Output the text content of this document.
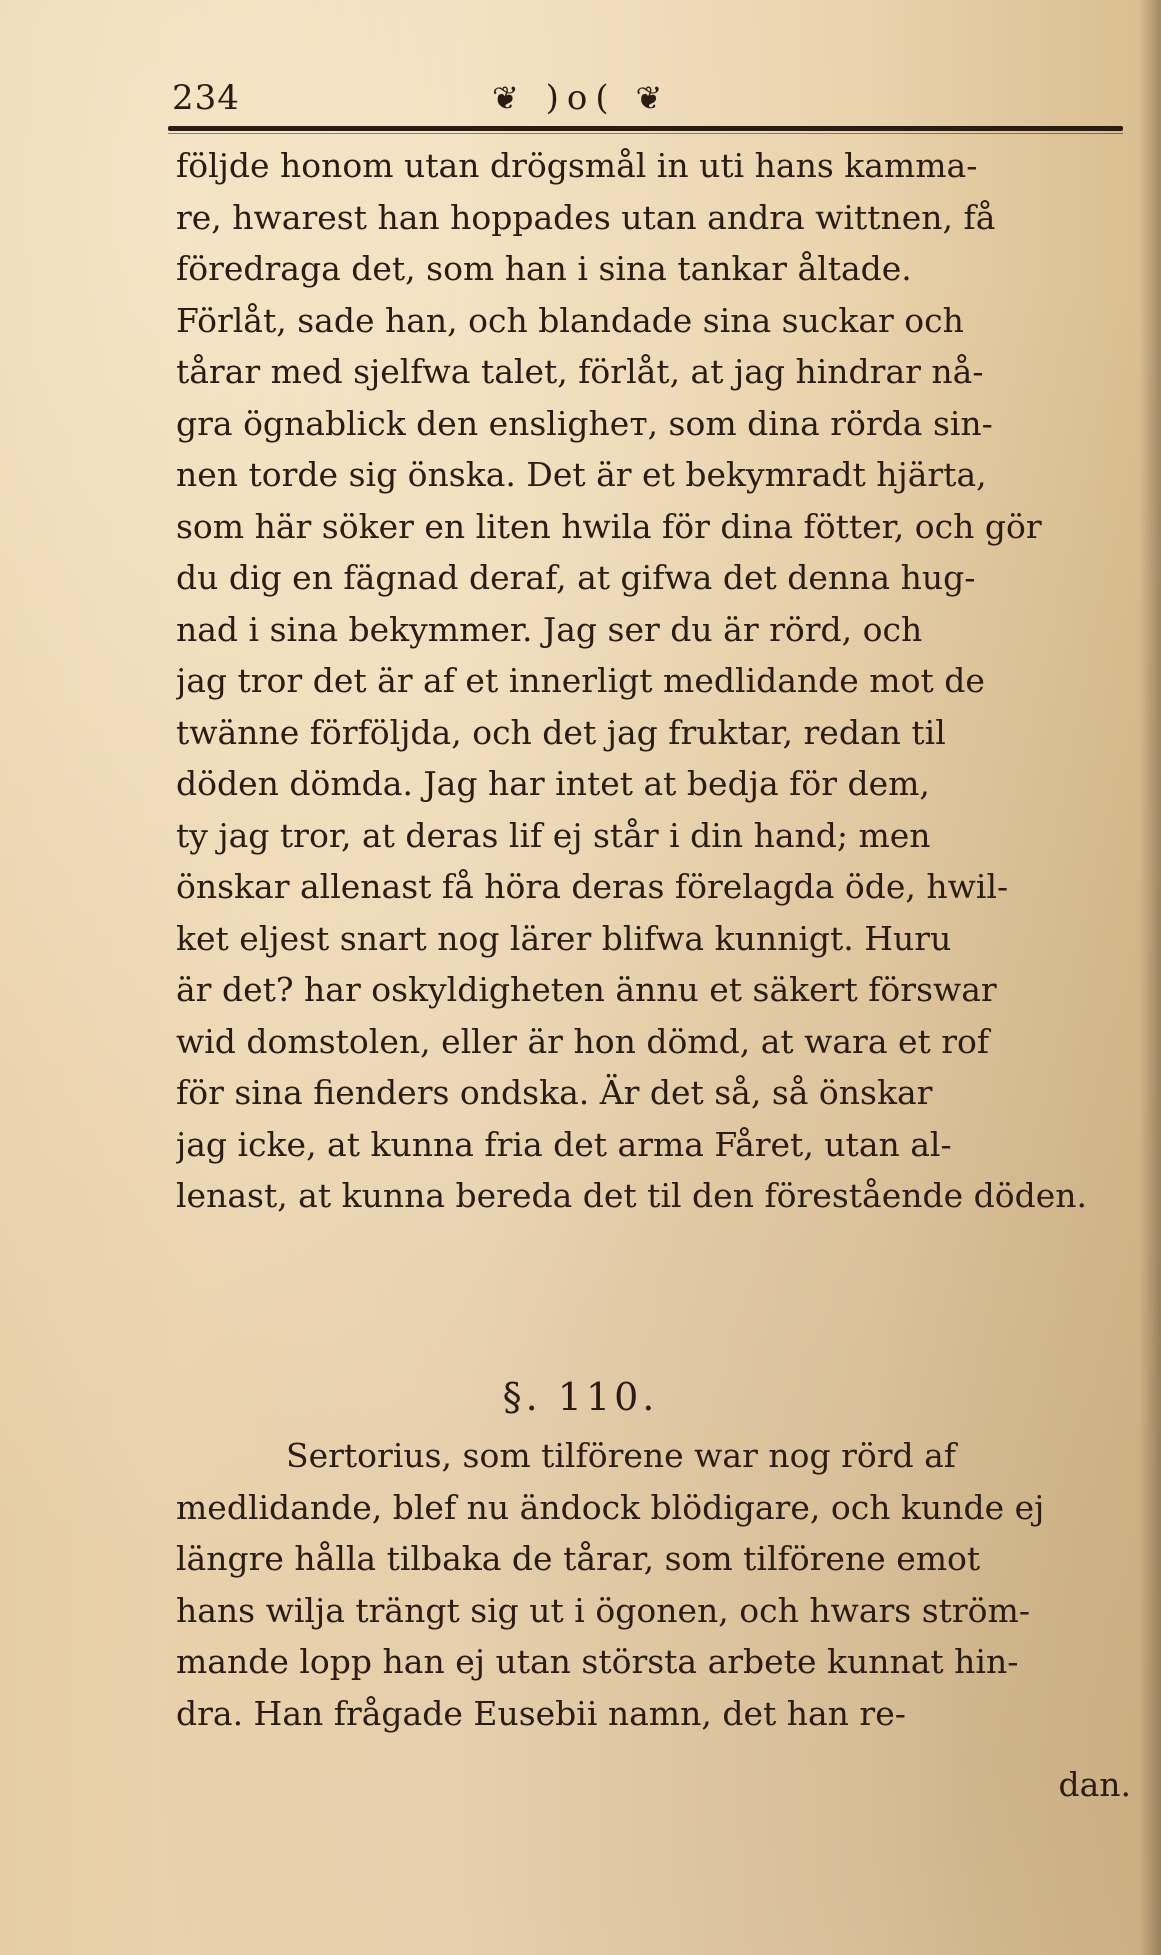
234	❦ )o( ❦
följde honom utan drögsmål in uti hans kamma-
re, hwarest han hoppades utan andra wittnen, få
föredraga det, som han i sina tankar åltade.
Förlåt, sade han, och blandade sina suckar och
tårar med sjelfwa talet, förlåt, at jag hindrar nå-
gra ögnablick den ensligheт, som dina rörda sin-
nen torde sig önska. Det är et bekymradt hjärta,
som här söker en liten hwila för dina fötter, och gör
du dig en fägnad deraf, at gifwa det denna hug-
nad i sina bekymmer. Jag ser du är rörd, och
jag tror det är af et innerligt medlidande mot de
twänne förföljda, och det jag fruktar, redan til
döden dömda. Jag har intet at bedja för dem,
ty jag tror, at deras lif ej står i din hand; men
önskar allenast få höra deras förelagda öde, hwil-
ket eljest snart nog lärer blifwa kunnigt. Huru
är det? har oskyldigheten ännu et säkert förswar
wid domstolen, eller är hon dömd, at wara et rof
för sina fienders ondska. Är det så, så önskar
jag icke, at kunna fria det arma Fåret, utan al-
lenast, at kunna bereda det til den förestående döden.
§. 110.
Sertorius, som tilförene war nog rörd af
medlidande, blef nu ändock blödigare, och kunde ej
längre hålla tilbaka de tårar, som tilförene emot
hans wilja trängt sig ut i ögonen, och hwars ström-
mande lopp han ej utan största arbete kunnat hin-
dra. Han frågade Eusebii namn, det han re-
dan.
